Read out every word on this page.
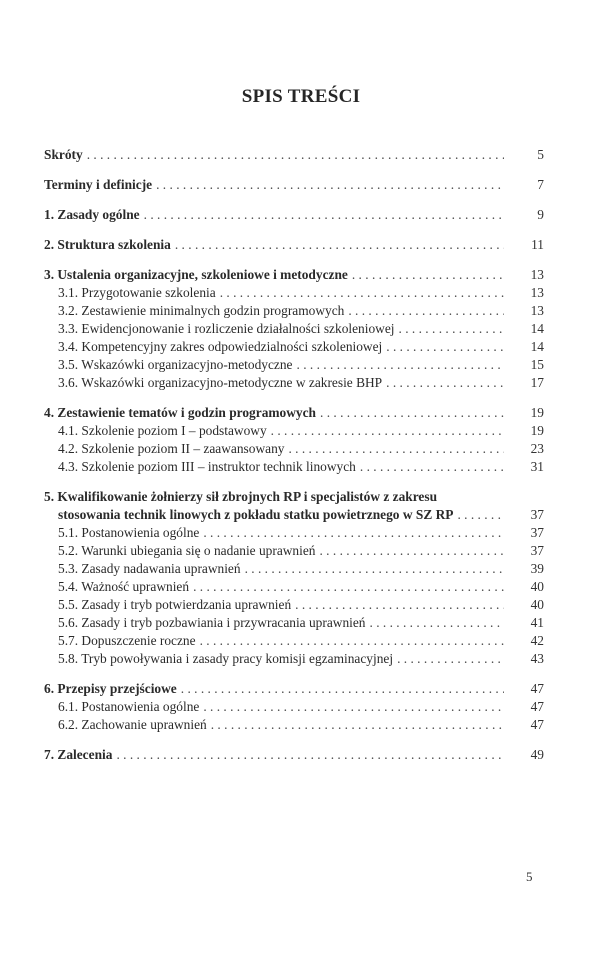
SPIS TREŚCI
Skróty . . .	5
Terminy i definicje . . .	7
1. Zasady ogólne . . .	9
2. Struktura szkolenia . . .	11
3. Ustalenia organizacyjne, szkoleniowe i metodyczne . . .	13
3.1. Przygotowanie szkolenia . . .	13
3.2. Zestawienie minimalnych godzin programowych . . .	13
3.3. Ewidencjonowanie i rozliczenie działalności szkoleniowej . . .	14
3.4. Kompetencyjny zakres odpowiedzialności szkoleniowej . . .	14
3.5. Wskazówki organizacyjno-metodyczne . . .	15
3.6. Wskazówki organizacyjno-metodyczne w zakresie BHP . . .	17
4. Zestawienie tematów i godzin programowych . . .	19
4.1. Szkolenie poziom I – podstawowy . . .	19
4.2. Szkolenie poziom II – zaawansowany . . .	23
4.3. Szkolenie poziom III – instruktor technik linowych . . .	31
5. Kwalifikowanie żołnierzy sił zbrojnych RP i specjalistów z zakresu
stosowania technik linowych z pokładu statku powietrznego w SZ RP . . .	37
5.1. Postanowienia ogólne . . .	37
5.2. Warunki ubiegania się o nadanie uprawnień . . .	37
5.3. Zasady nadawania uprawnień . . .	39
5.4. Ważność uprawnień . . .	40
5.5. Zasady i tryb potwierdzania uprawnień . . .	40
5.6. Zasady i tryb pozbawiania i przywracania uprawnień . . .	41
5.7. Dopuszczenie roczne . . .	42
5.8. Tryb powoływania i zasady pracy komisji egzaminacyjnej . . .	43
6. Przepisy przejściowe . . .	47
6.1. Postanowienia ogólne . . .	47
6.2. Zachowanie uprawnień . . .	47
7. Zalecenia . . .	49
5
